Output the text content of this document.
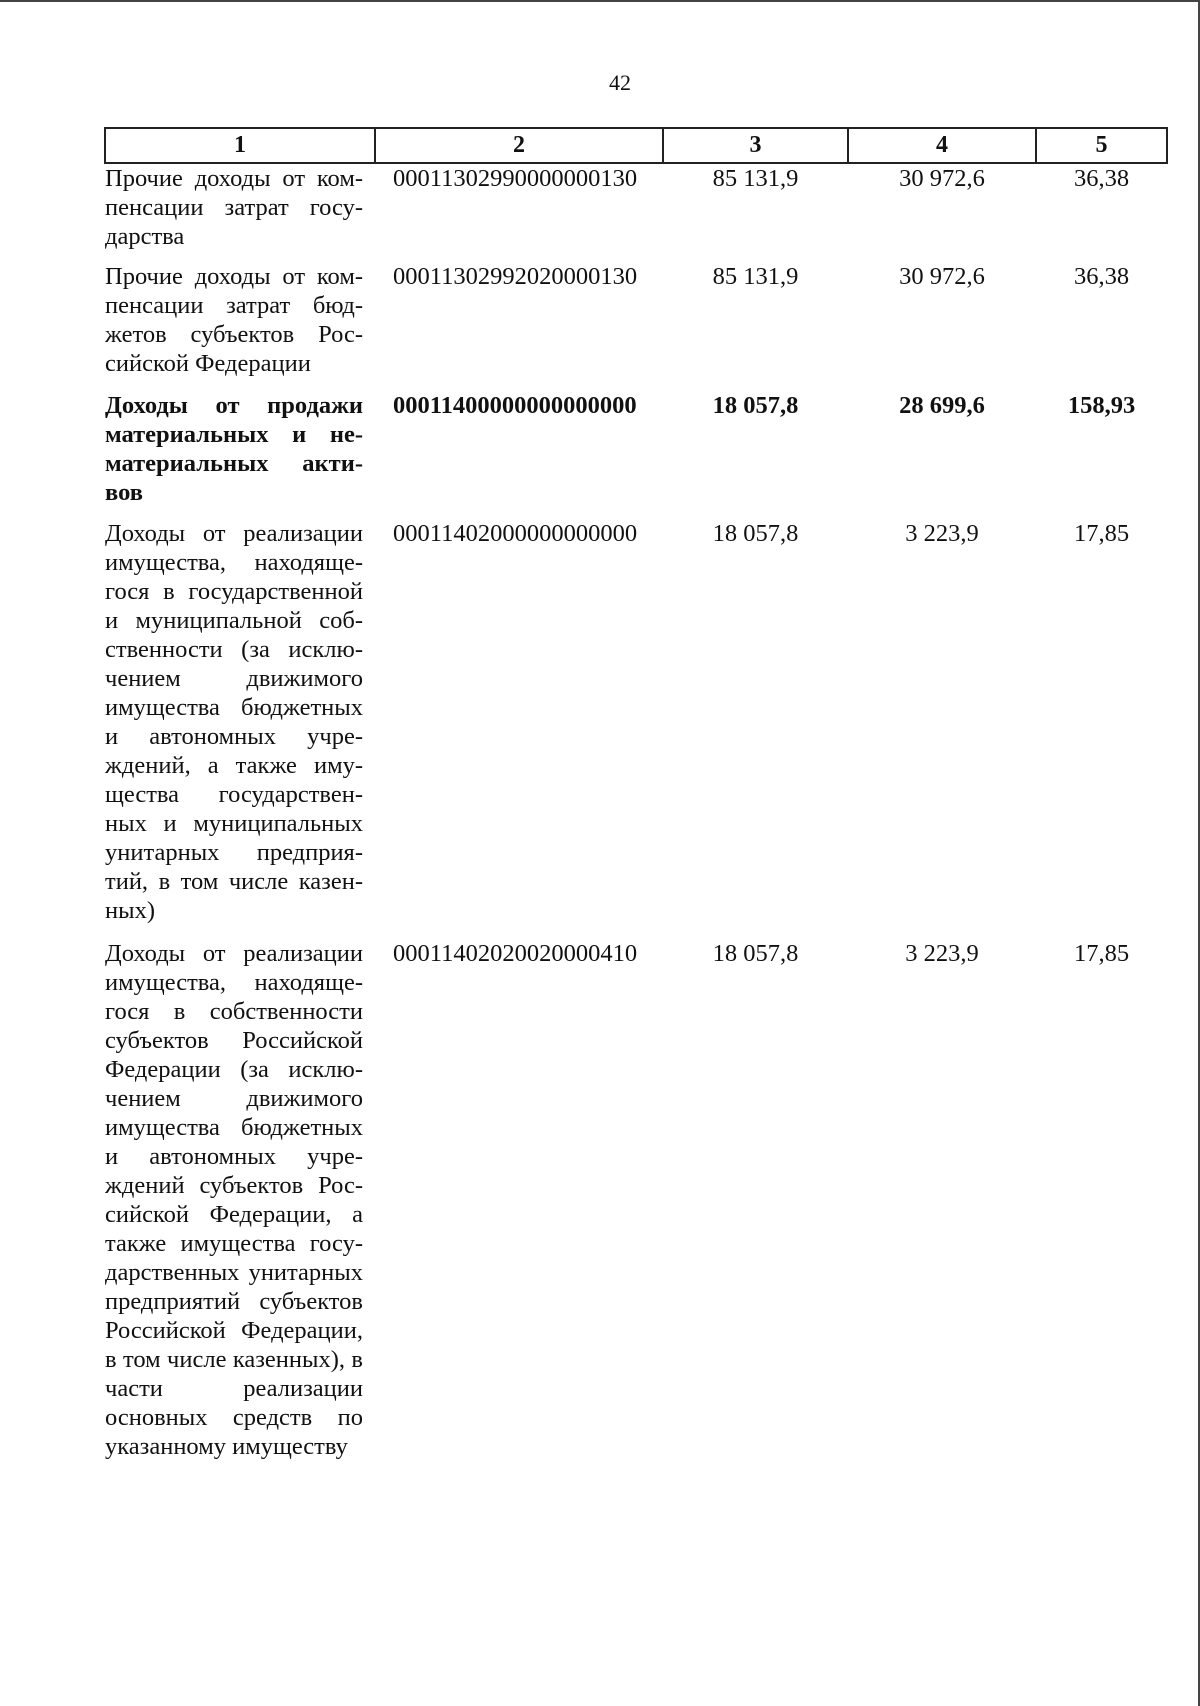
42
1	2	3	4	5
Прочие доходы от компенсации затрат государства	00011302990000000130	85 131,9	30 972,6	36,38
Прочие доходы от компенсации затрат бюджетов субъектов Российской Федерации	00011302992020000130	85 131,9	30 972,6	36,38
Доходы от продажи материальных и нематериальных активов	00011400000000000000	18 057,8	28 699,6	158,93
Доходы от реализации имущества, находящегося в государственной и муниципальной собственности (за исключением движимого имущества бюджетных и автономных учреждений, а также имущества государственных и муниципальных унитарных предприятий, в том числе казенных)	00011402000000000000	18 057,8	3 223,9	17,85
Доходы от реализации имущества, находящегося в собственности субъектов Российской Федерации (за исключением движимого имущества бюджетных и автономных учреждений субъектов Российской Федерации, а также имущества государственных унитарных предприятий субъектов Российской Федерации, в том числе казенных), в части реализации основных средств по указанному имуществу	00011402020020000410	18 057,8	3 223,9	17,85
